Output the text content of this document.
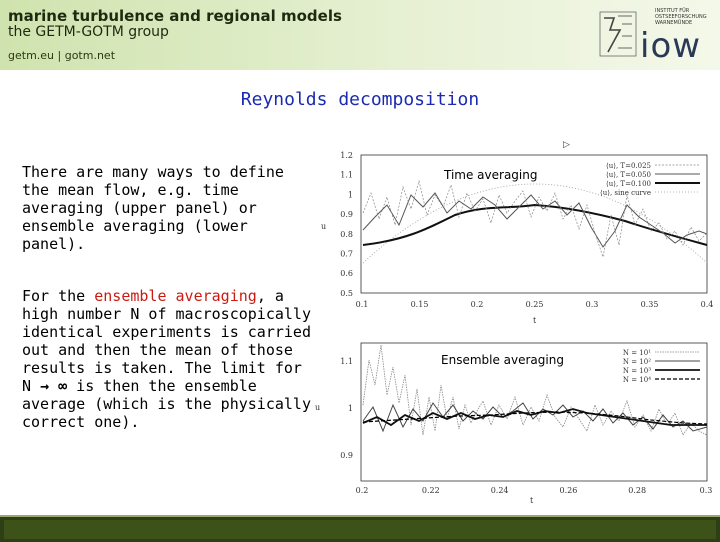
marine turbulence and regional models
the GETM-GOTM group
getm.eu | gotm.net
INSTITUT FÜR OSTSEEFORSCHUNG WARNEMÜNDE
iow
Reynolds decomposition
There are many ways to define the mean flow, e.g. time averaging (upper panel) or ensemble averaging (lower panel).
For the ensemble averaging, a high number N of macroscopically identical experiments is carried out and then the mean of those results is taken. The limit for N → ∞ is then the ensemble average (which is the physically correct one).
▷
1.2
1.1
1
0.9
0.8
0.7
0.6
0.5
0.1	0.15	0.2	0.25	0.3	0.35	0.4
u
t
Time averaging
⟨u⟩, T=0.025
⟨u⟩, T=0.050
⟨u⟩, T=0.100
⟨u⟩, sine curve
1.1
1
0.9
0.2	0.22	0.24	0.26	0.28	0.3
u
t
Ensemble averaging	N = 10¹
N = 10²
N = 10³
N = 10⁴
